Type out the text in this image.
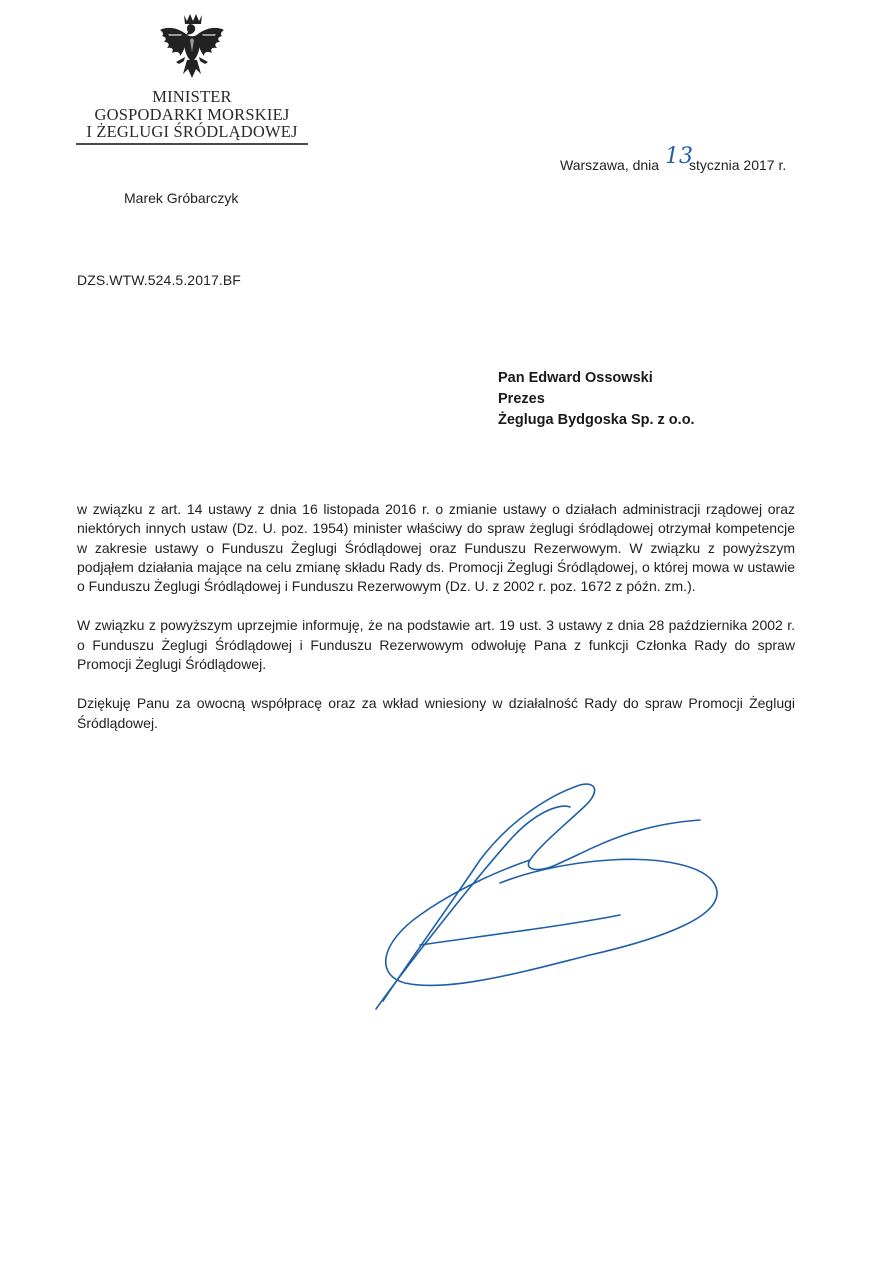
MINISTER
GOSPODARKI MORSKIEJ
I ŻEGLUGI ŚRÓDLĄDOWEJ
Warszawa, dnia 13
stycznia 2017 r.
Marek Gróbarczyk
DZS.WTW.524.5.2017.BF
Pan Edward Ossowski
Prezes
Żegluga Bydgoska Sp. z o.o.

w związku z art. 14 ustawy z dnia 16 listopada 2016 r. o zmianie ustawy o działach administracji rządowej oraz niektórych innych ustaw (Dz. U. poz. 1954) minister właściwy do spraw żeglugi śródlądowej otrzymał kompetencje w zakresie ustawy o Funduszu Żeglugi Śródlądowej oraz Funduszu Rezerwowym. W związku z powyższym podjąłem działania mające na celu zmianę składu Rady ds. Promocji Żeglugi Śródlądowej, o której mowa w ustawie o Funduszu Żeglugi Śródlądowej i Funduszu Rezerwowym (Dz. U. z 2002 r. poz. 1672 z późn. zm.).

W związku z powyższym uprzejmie informuję, że na podstawie art. 19 ust. 3 ustawy z dnia 28 października 2002 r. o Funduszu Żeglugi Śródlądowej i Funduszu Rezerwowym odwołuję Pana z funkcji Członka Rady do spraw Promocji Żeglugi Śródlądowej.

Dziękuję Panu za owocną współpracę oraz za wkład wniesiony w działalność Rady do spraw Promocji Żeglugi Śródlądowej.
